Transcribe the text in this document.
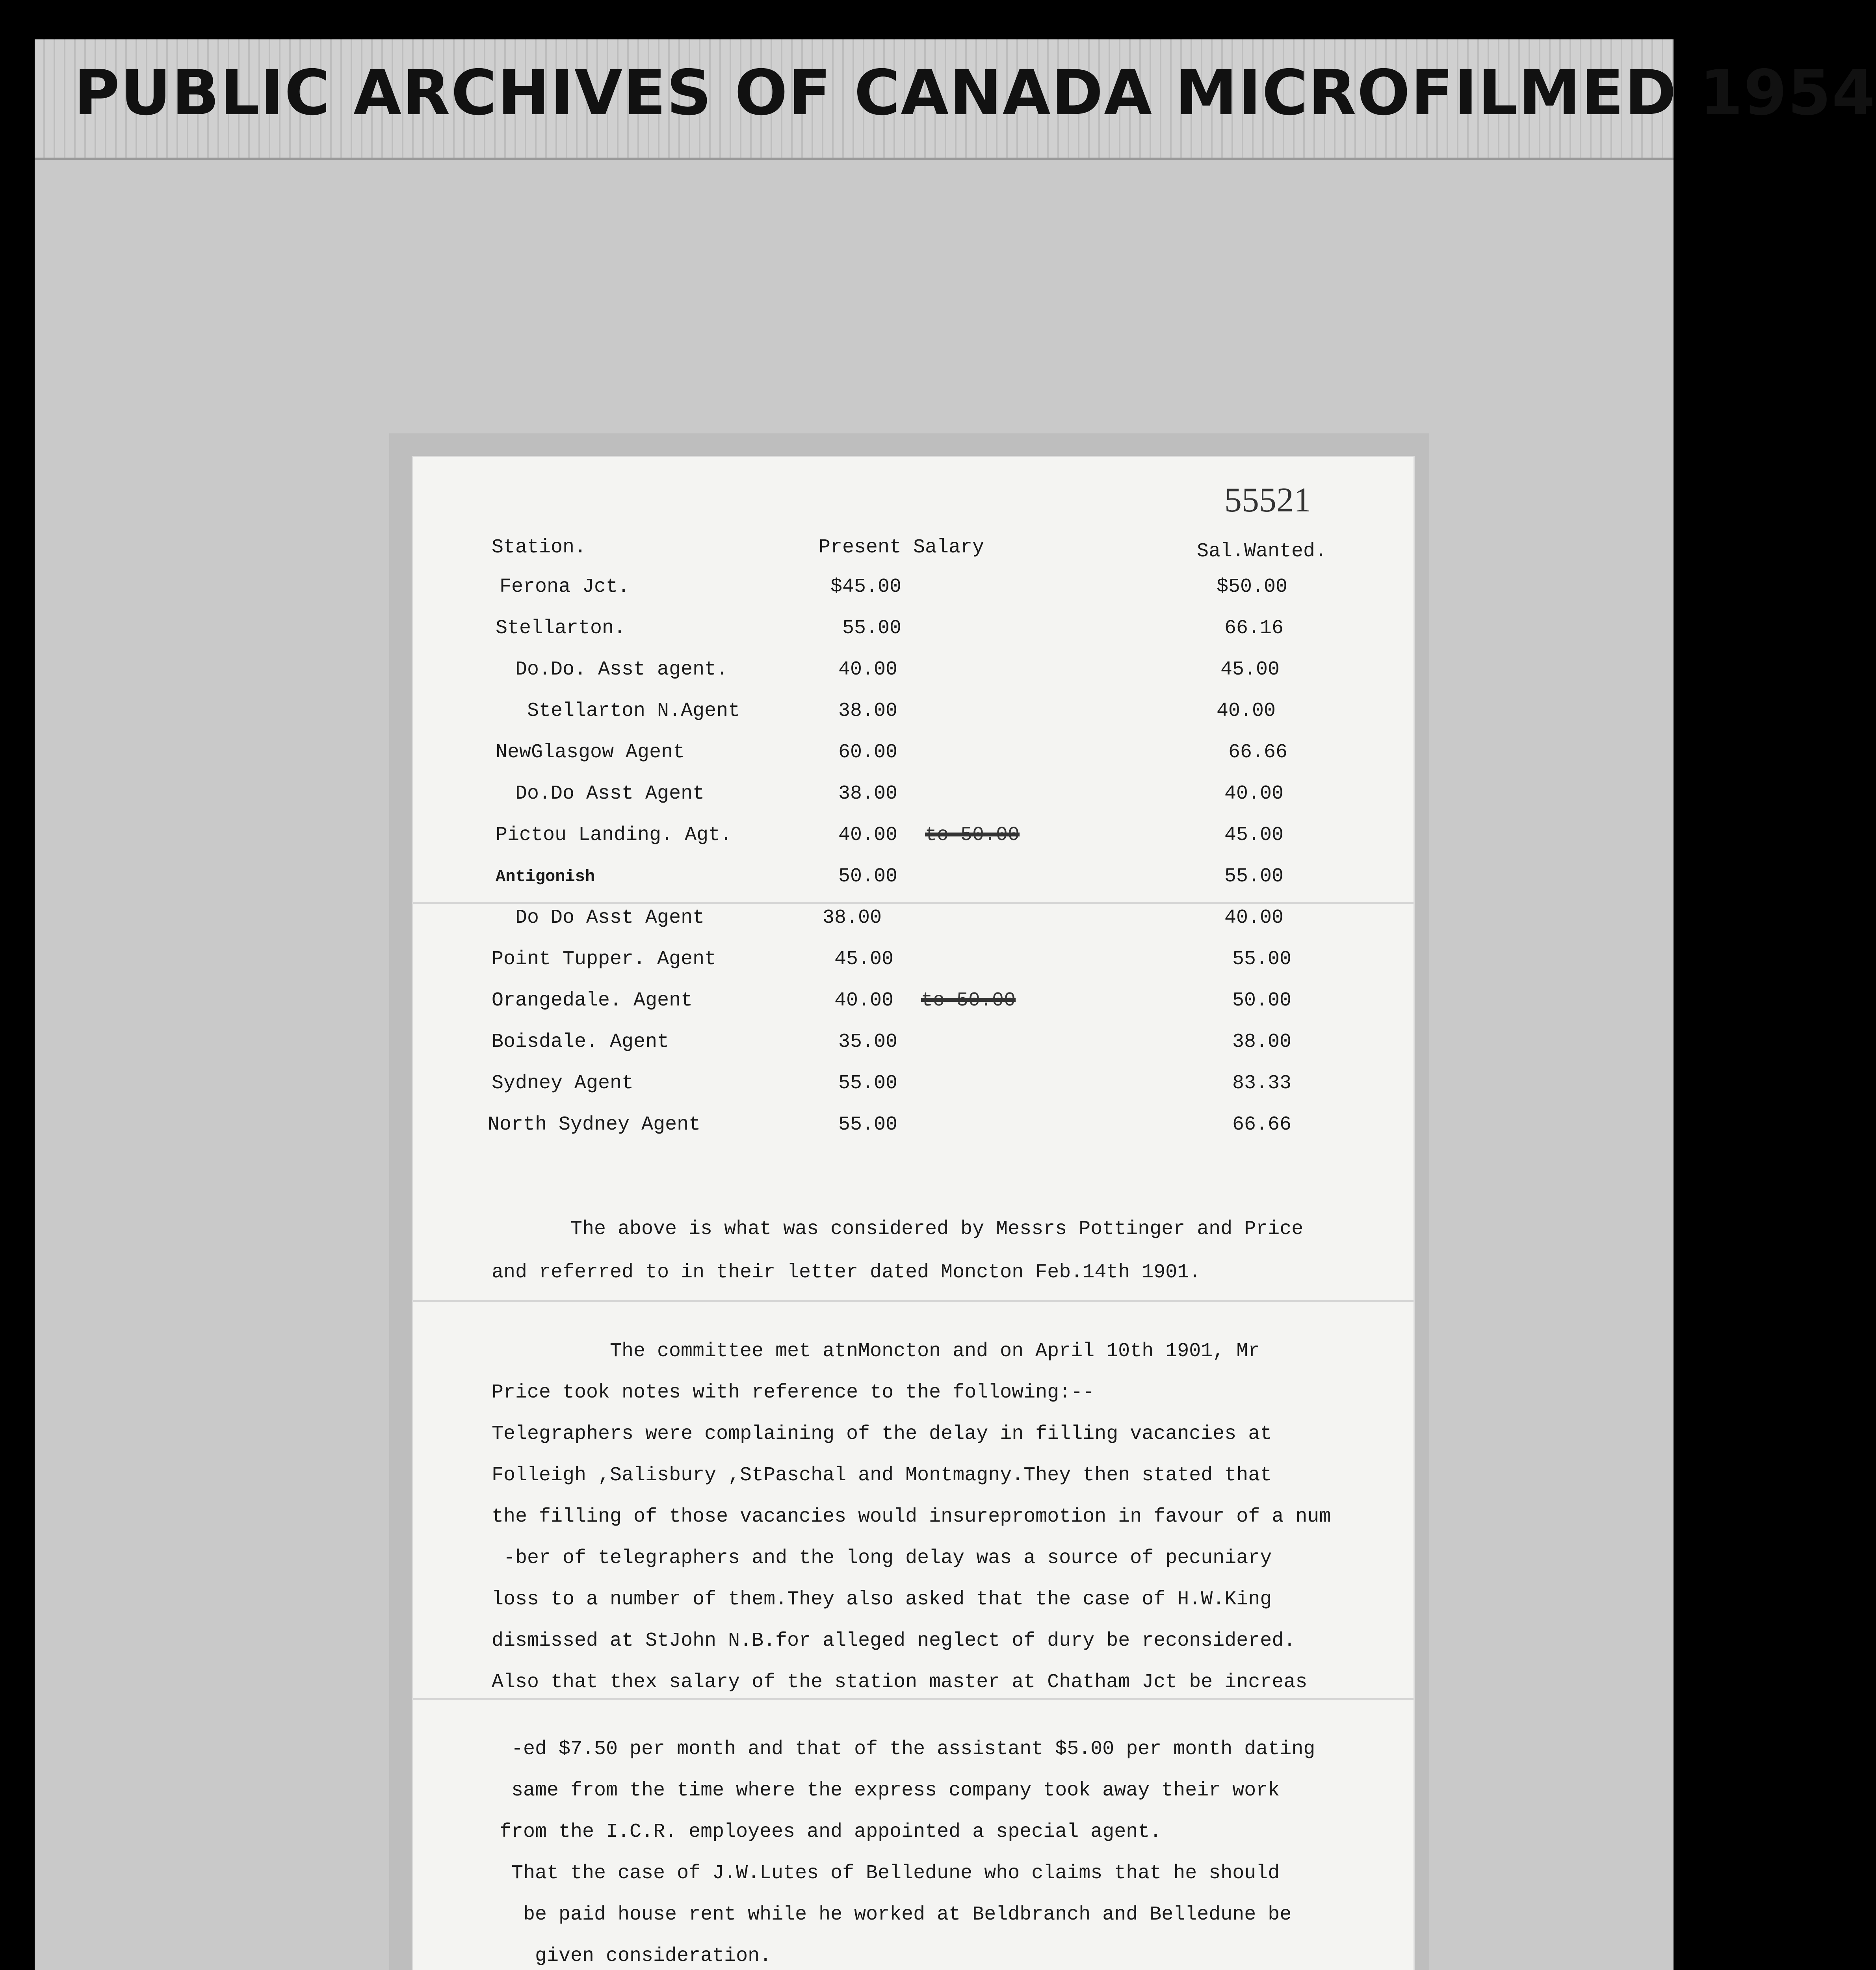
PUBLIC ARCHIVES OF CANADA MICROFILMED 1954
55521
Station.	Present Salary	Sal.Wanted.
Ferona Jct.	$45.00	$50.00
Stellarton.	55.00	66.16
Do.Do. Asst agent.	40.00	45.00
Stellarton N.Agent	38.00	40.00
NewGlasgow Agent	60.00	66.66
Do.Do Asst Agent	38.00	40.00
Pictou Landing. Agt.	40.00 to 50.00	45.00
Antigonish	50.00	55.00
Do Do Asst Agent	38.00	40.00
Point Tupper. Agent	45.00	55.00
Orangedale. Agent	40.00 to 50.00	50.00
Boisdale. Agent	35.00	38.00
Sydney Agent	55.00	83.33
North Sydney Agent	55.00	66.66
The above is what was considered by Messrs Pottinger and Price
and referred to in their letter dated Moncton Feb.14th 1901.
The committee met atnMoncton and on April 10th 1901, Mr
Price took notes with reference to the following:--
Telegraphers were complaining of the delay in filling vacancies at
Folleigh ,Salisbury ,StPaschal and Montmagny.They then stated that
the filling of those vacancies would insurepromotion in favour of a num
-ber of telegraphers and the long delay was a source of pecuniary
loss to a number of them.They also asked that the case of H.W.King
dismissed at StJohn N.B.for alleged neglect of dury be reconsidered.
Also that thex salary of the station master at Chatham Jct be increas
-ed $7.50 per month and that of the assistant $5.00 per month dating
same from the time where the express company took away their work
from the I.C.R. employees and appointed a special agent.
That the case of J.W.Lutes of Belledune who claims that he should
be paid house rent while he worked at Beldbranch and Belledune be
given consideration.
